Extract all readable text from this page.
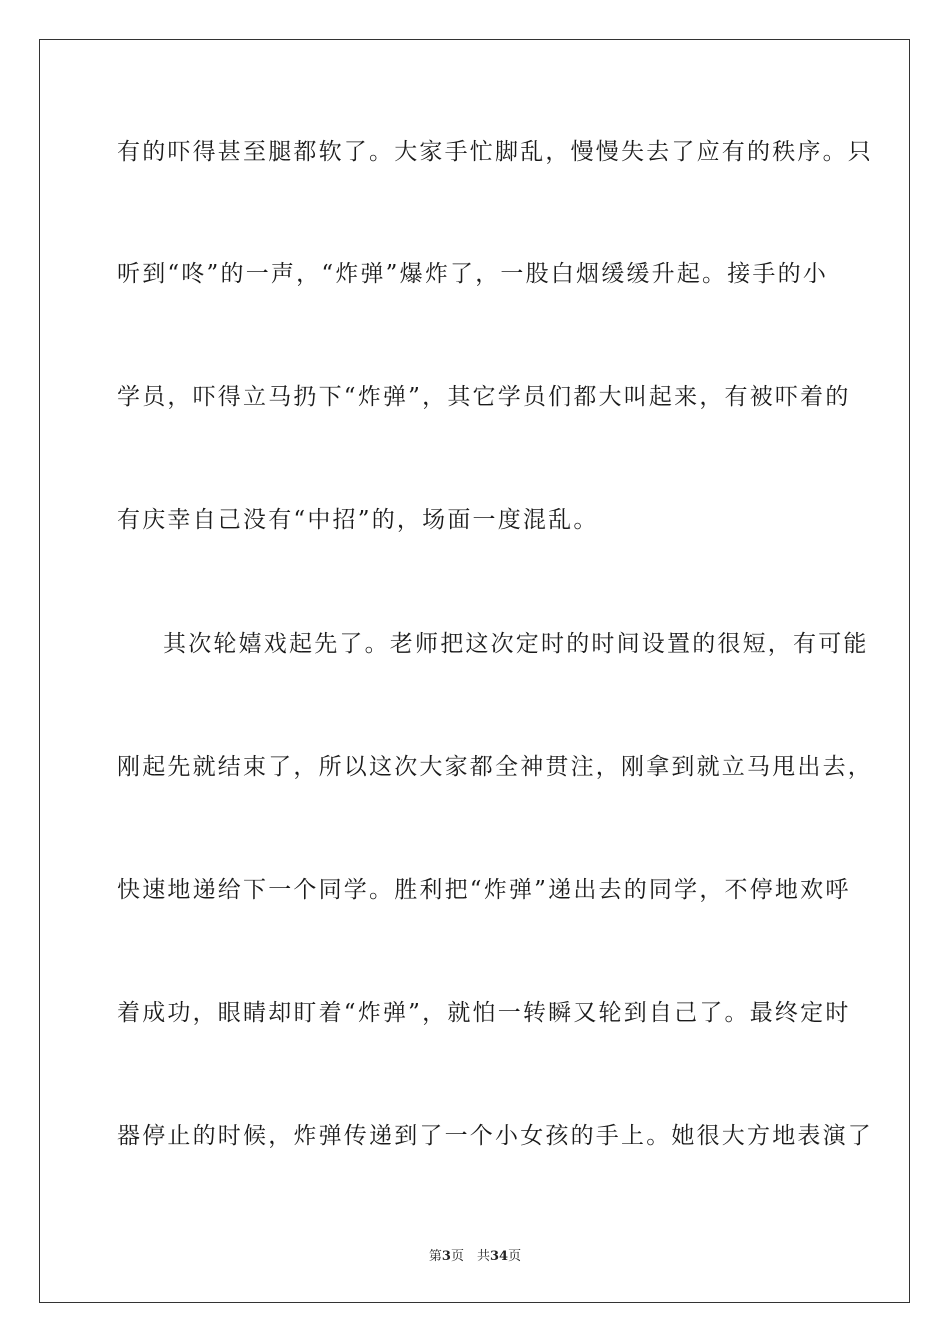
有的吓得甚至腿都软了。大家手忙脚乱，慢慢失去了应有的秩序。只
听到“咚”的一声，“炸弹”爆炸了，一股白烟缓缓升起。接手的小
学员，吓得立马扔下“炸弹”，其它学员们都大叫起来，有被吓着的
有庆幸自己没有“中招”的，场面一度混乱。
其次轮嬉戏起先了。老师把这次定时的时间设置的很短，有可能
刚起先就结束了，所以这次大家都全神贯注，刚拿到就立马甩出去，
快速地递给下一个同学。胜利把“炸弹”递出去的同学，不停地欢呼
着成功，眼睛却盯着“炸弹”，就怕一转瞬又轮到自己了。最终定时
器停止的时候，炸弹传递到了一个小女孩的手上。她很大方地表演了
第3页　共34页
